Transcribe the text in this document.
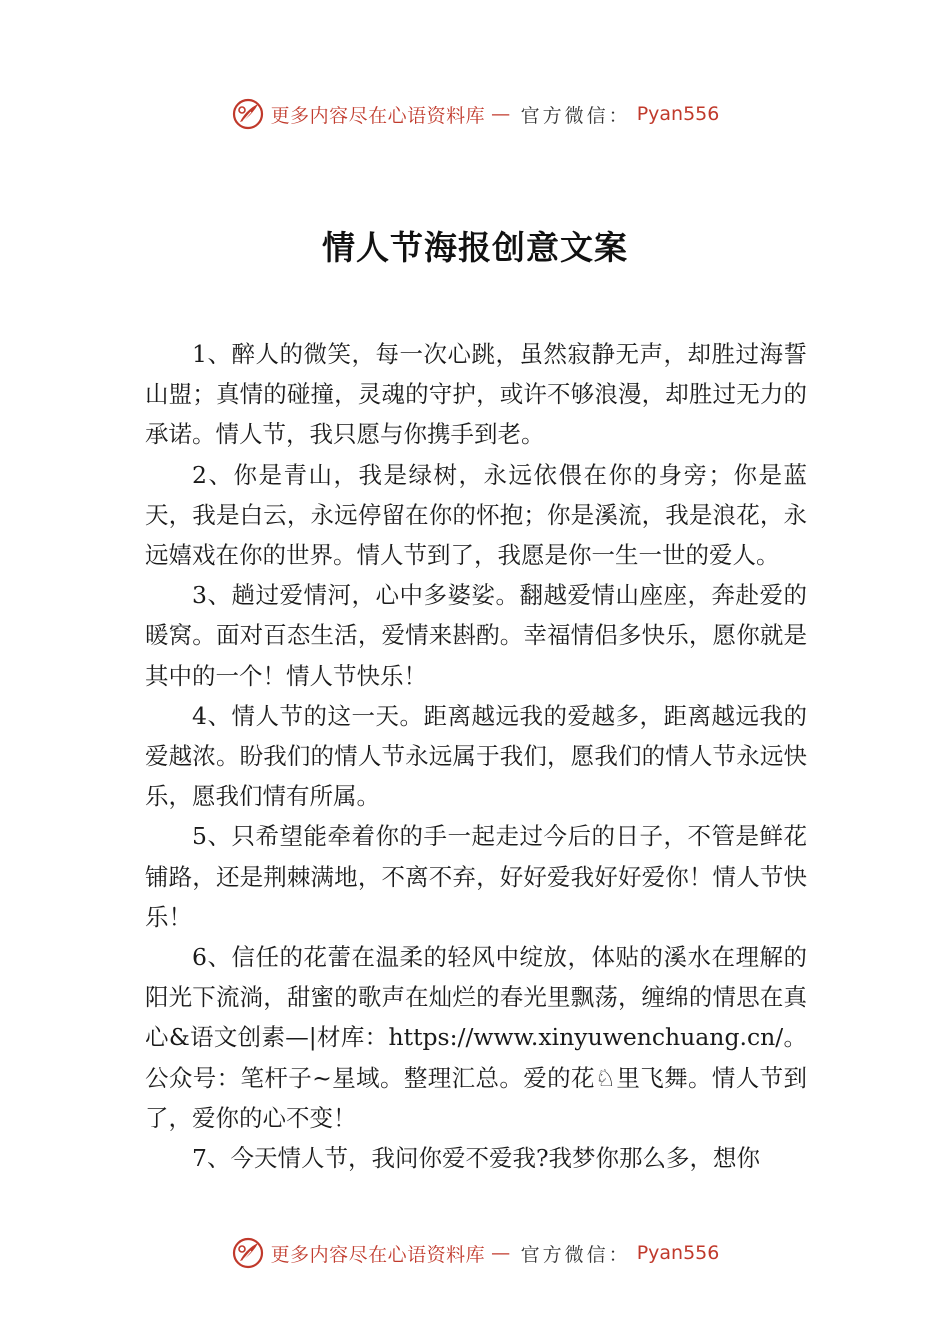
更多内容尽在心语资料库 — 官方微信： Pyan556
情人节海报创意文案

1、醉人的微笑，每一次心跳，虽然寂静无声，却胜过海誓山盟；真情的碰撞，灵魂的守护，或许不够浪漫，却胜过无力的承诺。情人节，我只愿与你携手到老。

2、你是青山，我是绿树，永远依偎在你的身旁；你是蓝天，我是白云，永远停留在你的怀抱；你是溪流，我是浪花，永远嬉戏在你的世界。情人节到了，我愿是你一生一世的爱人。

3、趟过爱情河，心中多婆娑。翻越爱情山座座，奔赴爱的暖窝。面对百态生活，爱情来斟酌。幸福情侣多快乐，愿你就是其中的一个！情人节快乐！

4、情人节的这一天。距离越远我的爱越多，距离越远我的爱越浓。盼我们的情人节永远属于我们，愿我们的情人节永远快乐，愿我们情有所属。

5、只希望能牵着你的手一起走过今后的日子，不管是鲜花铺路，还是荆棘满地，不离不弃，好好爱我好好爱你！情人节快乐！

6、信任的花蕾在温柔的轻风中绽放，体贴的溪水在理解的阳光下流淌，甜蜜的歌声在灿烂的春光里飘荡，缠绵的情思在真心&语文创素—|材库：https://www.xinyuwenchuang.cn/。公众号：笔杆子~星域。整理汇总。爱的花♘里飞舞。情人节到了，爱你的心不变！

7、今天情人节，我问你爱不爱我?我梦你那么多，想你

更多内容尽在心语资料库 — 官方微信： Pyan556
